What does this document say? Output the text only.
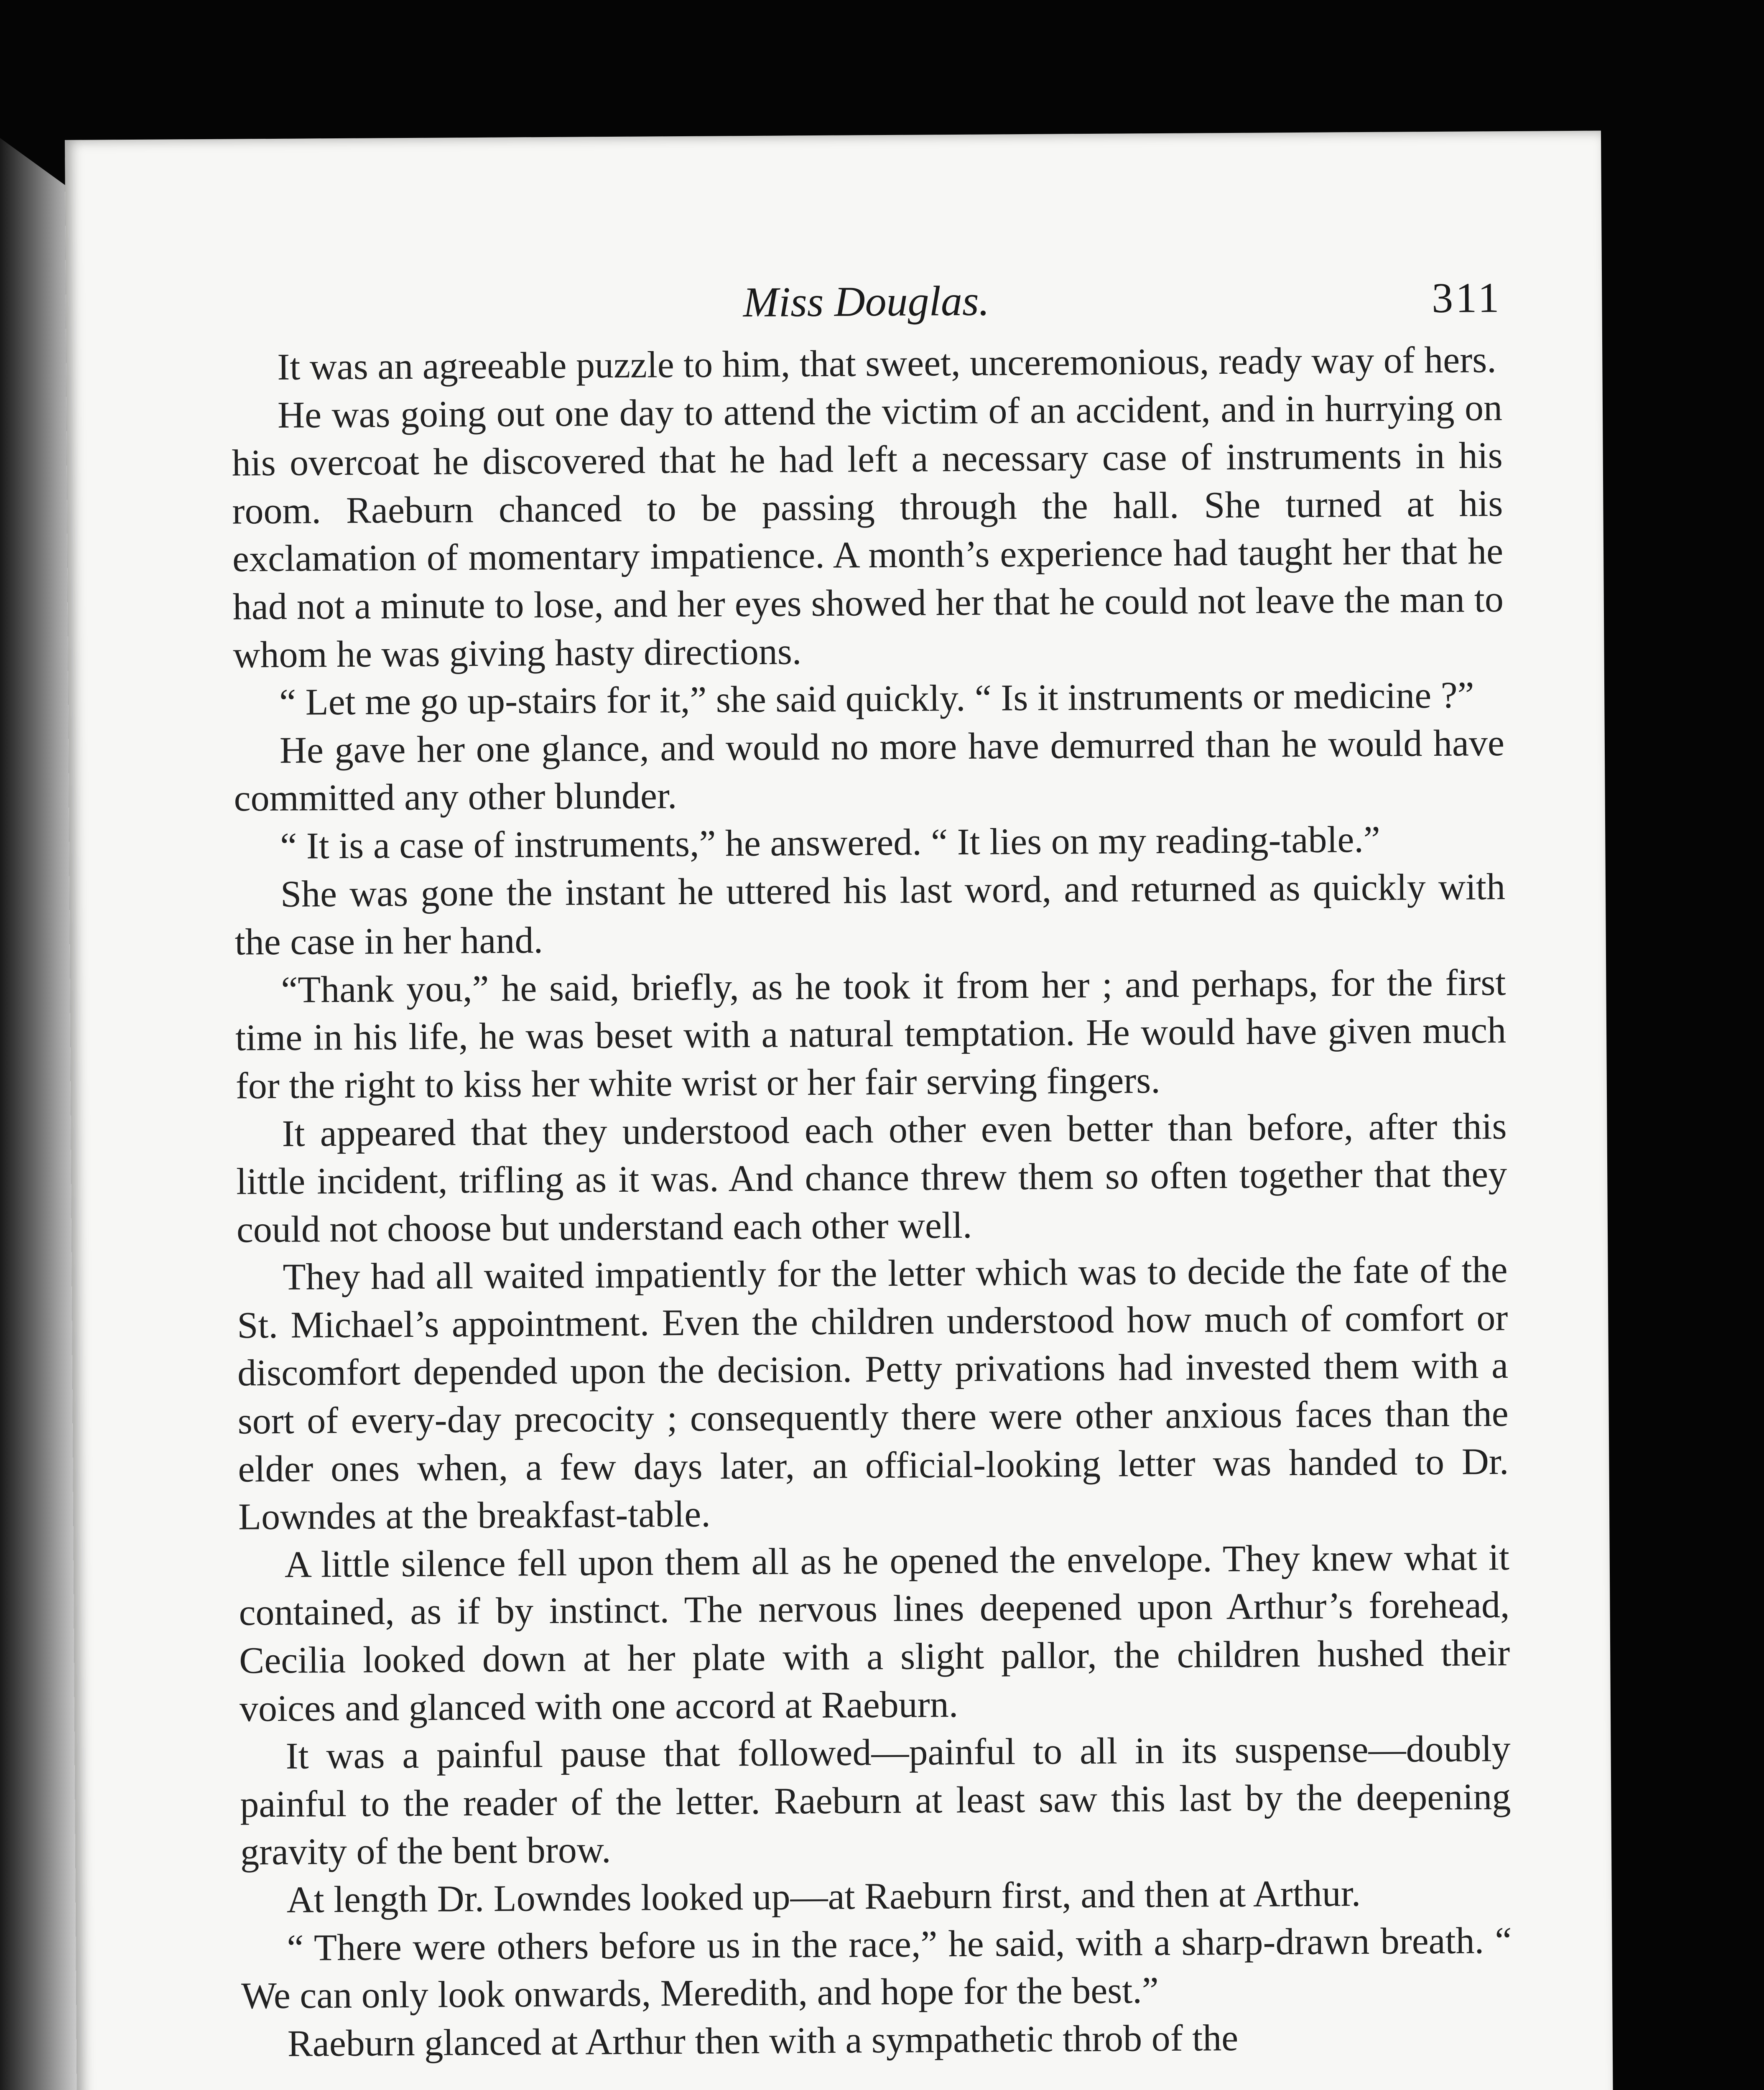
Miss Douglas.	311

It was an agreeable puzzle to him, that sweet, unceremonious, ready way of hers.

He was going out one day to attend the victim of an accident, and in hurrying on his overcoat he discovered that he had left a necessary case of instruments in his room. Raeburn chanced to be passing through the hall. She turned at his exclamation of momentary impatience. A month’s experience had taught her that he had not a minute to lose, and her eyes showed her that he could not leave the man to whom he was giving hasty directions.

“ Let me go up-stairs for it,” she said quickly. “ Is it instruments or medicine ?”

He gave her one glance, and would no more have demurred than he would have committed any other blunder.

“ It is a case of instruments,” he answered. “ It lies on my reading-table.”

She was gone the instant he uttered his last word, and returned as quickly with the case in her hand.

“Thank you,” he said, briefly, as he took it from her ; and perhaps, for the first time in his life, he was beset with a natural temptation. He would have given much for the right to kiss her white wrist or her fair serving fingers.

It appeared that they understood each other even better than before, after this little incident, trifling as it was. And chance threw them so often together that they could not choose but understand each other well.

They had all waited impatiently for the letter which was to decide the fate of the St. Michael’s appointment. Even the children understood how much of comfort or discomfort depended upon the decision. Petty privations had invested them with a sort of every-day precocity ; consequently there were other anxious faces than the elder ones when, a few days later, an official-looking letter was handed to Dr. Lowndes at the breakfast-table.

A little silence fell upon them all as he opened the envelope. They knew what it contained, as if by instinct. The nervous lines deepened upon Arthur’s forehead, Cecilia looked down at her plate with a slight pallor, the children hushed their voices and glanced with one accord at Raeburn.

It was a painful pause that followed—painful to all in its suspense—doubly painful to the reader of the letter. Raeburn at least saw this last by the deepening gravity of the bent brow.

At length Dr. Lowndes looked up—at Raeburn first, and then at Arthur.

“ There were others before us in the race,” he said, with a sharp-drawn breath. “ We can only look onwards, Meredith, and hope for the best.”

Raeburn glanced at Arthur then with a sympathetic throb of the
